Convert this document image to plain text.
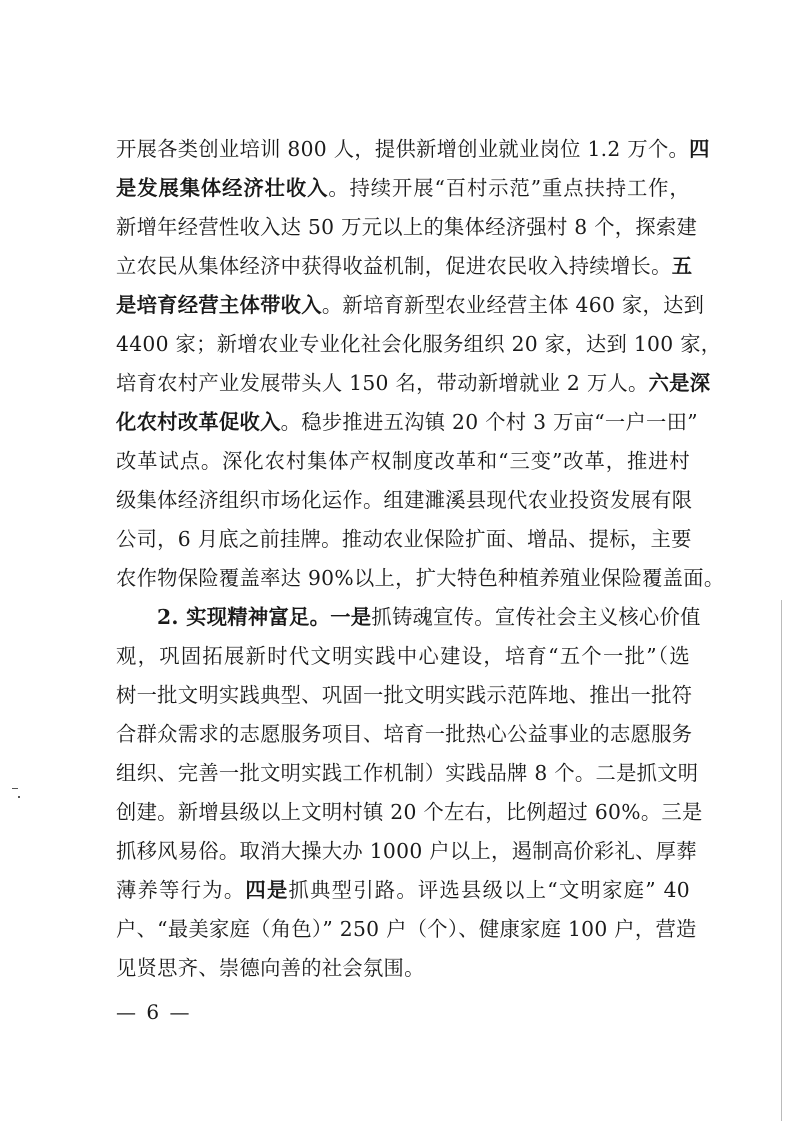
开展各类创业培训 800 人，提供新增创业就业岗位 1.2 万个。四
是发展集体经济壮收入。持续开展“百村示范”重点扶持工作，
新增年经营性收入达 50 万元以上的集体经济强村 8 个，探索建
立农民从集体经济中获得收益机制，促进农民收入持续增长。五
是培育经营主体带收入。新培育新型农业经营主体 460 家，达到
4400 家；新增农业专业化社会化服务组织 20 家，达到 100 家，
培育农村产业发展带头人 150 名，带动新增就业 2 万人。六是深
化农村改革促收入。稳步推进五沟镇 20 个村 3 万亩“一户一田”
改革试点。深化农村集体产权制度改革和“三变”改革，推进村
级集体经济组织市场化运作。组建濉溪县现代农业投资发展有限
公司，6 月底之前挂牌。推动农业保险扩面、增品、提标，主要
农作物保险覆盖率达 90%以上，扩大特色种植养殖业保险覆盖面。
2. 实现精神富足。一是抓铸魂宣传。宣传社会主义核心价值
观，巩固拓展新时代文明实践中心建设，培育“五个一批”（选
树一批文明实践典型、巩固一批文明实践示范阵地、推出一批符
合群众需求的志愿服务项目、培育一批热心公益事业的志愿服务
组织、完善一批文明实践工作机制）实践品牌 8 个。二是抓文明
创建。新增县级以上文明村镇 20 个左右，比例超过 60%。三是
抓移风易俗。取消大操大办 1000 户以上，遏制高价彩礼、厚葬
薄养等行为。四是抓典型引路。评选县级以上“文明家庭” 40
户、“最美家庭（角色）” 250 户（个）、健康家庭 100 户，营造
见贤思齐、崇德向善的社会氛围。
— 6 —
